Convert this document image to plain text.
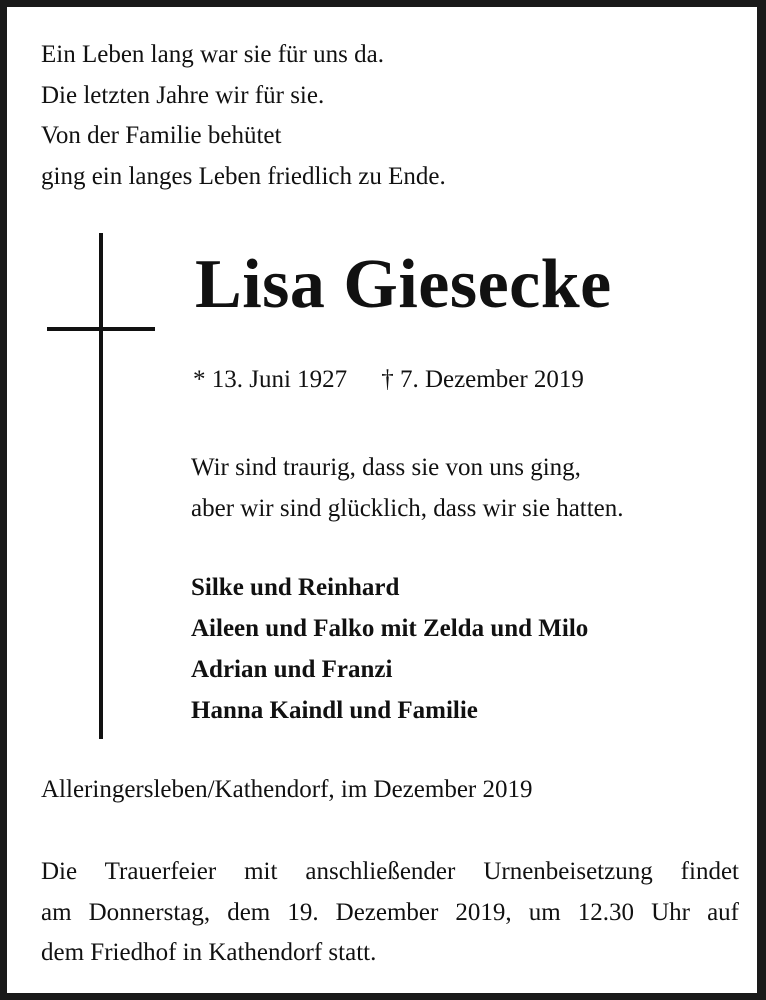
Ein Leben lang war sie für uns da.
Die letzten Jahre wir für sie.
Von der Familie behütet
ging ein langes Leben friedlich zu Ende.
Lisa Giesecke
* 13. Juni 1927 † 7. Dezember 2019
Wir sind traurig, dass sie von uns ging,
aber wir sind glücklich, dass wir sie hatten.
Silke und Reinhard
Aileen und Falko mit Zelda und Milo
Adrian und Franzi
Hanna Kaindl und Familie
Alleringersleben/Kathendorf, im Dezember 2019
Die Trauerfeier mit anschließender Urnenbeisetzung findet
am Donnerstag, dem 19. Dezember 2019, um 12.30 Uhr auf
dem Friedhof in Kathendorf statt.
